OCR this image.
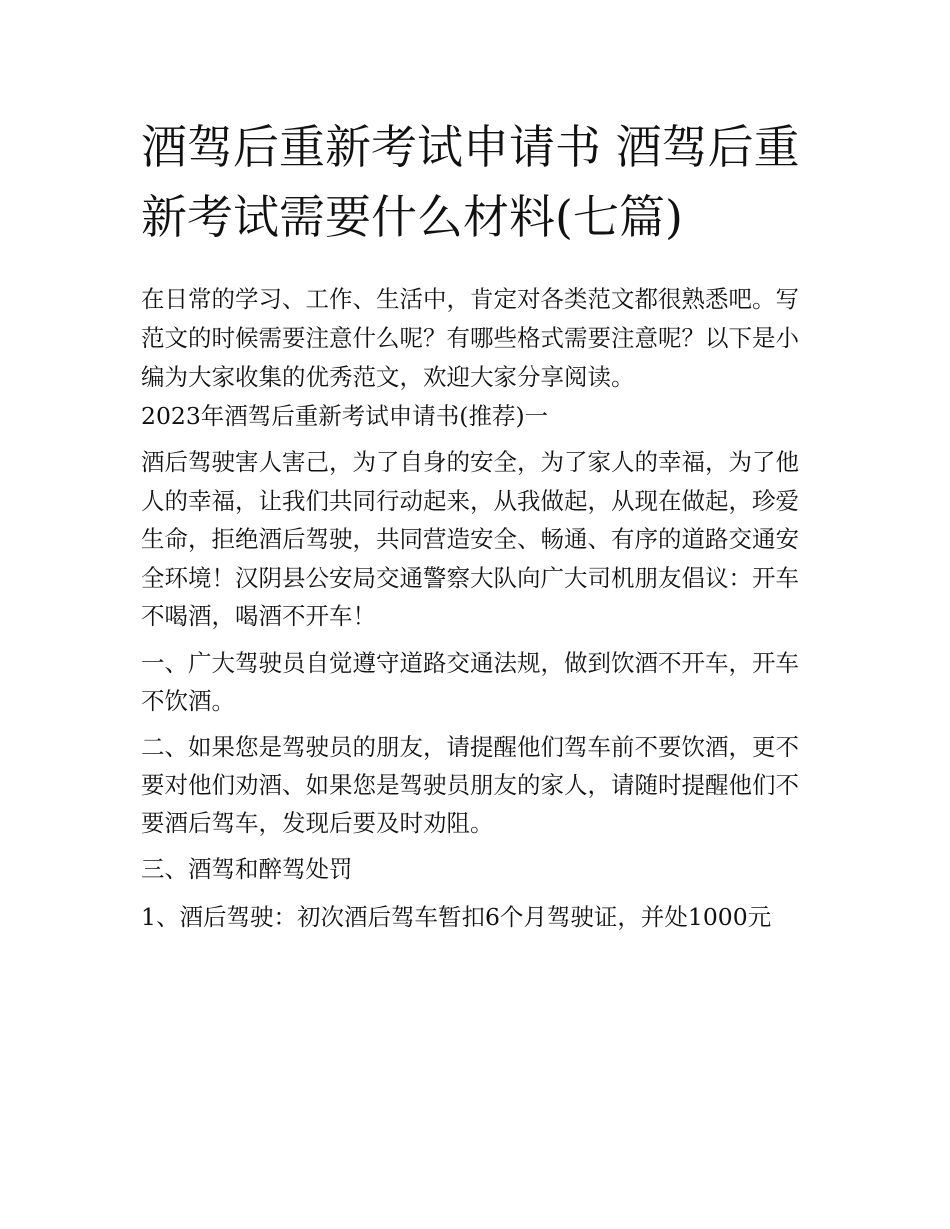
酒驾后重新考试申请书 酒驾后重新考试需要什么材料(七篇)

在日常的学习、工作、生活中，肯定对各类范文都很熟悉吧。写范文的时候需要注意什么呢？有哪些格式需要注意呢？以下是小编为大家收集的优秀范文，欢迎大家分享阅读。

2023年酒驾后重新考试申请书(推荐)一

酒后驾驶害人害己，为了自身的安全，为了家人的幸福，为了他人的幸福，让我们共同行动起来，从我做起，从现在做起，珍爱生命，拒绝酒后驾驶，共同营造安全、畅通、有序的道路交通安全环境！汉阴县公安局交通警察大队向广大司机朋友倡议：开车不喝酒，喝酒不开车！

一、广大驾驶员自觉遵守道路交通法规，做到饮酒不开车，开车不饮酒。

二、如果您是驾驶员的朋友，请提醒他们驾车前不要饮酒，更不要对他们劝酒、如果您是驾驶员朋友的家人，请随时提醒他们不要酒后驾车，发现后要及时劝阻。

三、酒驾和醉驾处罚

1、酒后驾驶：初次酒后驾车暂扣6个月驾驶证，并处1000元
